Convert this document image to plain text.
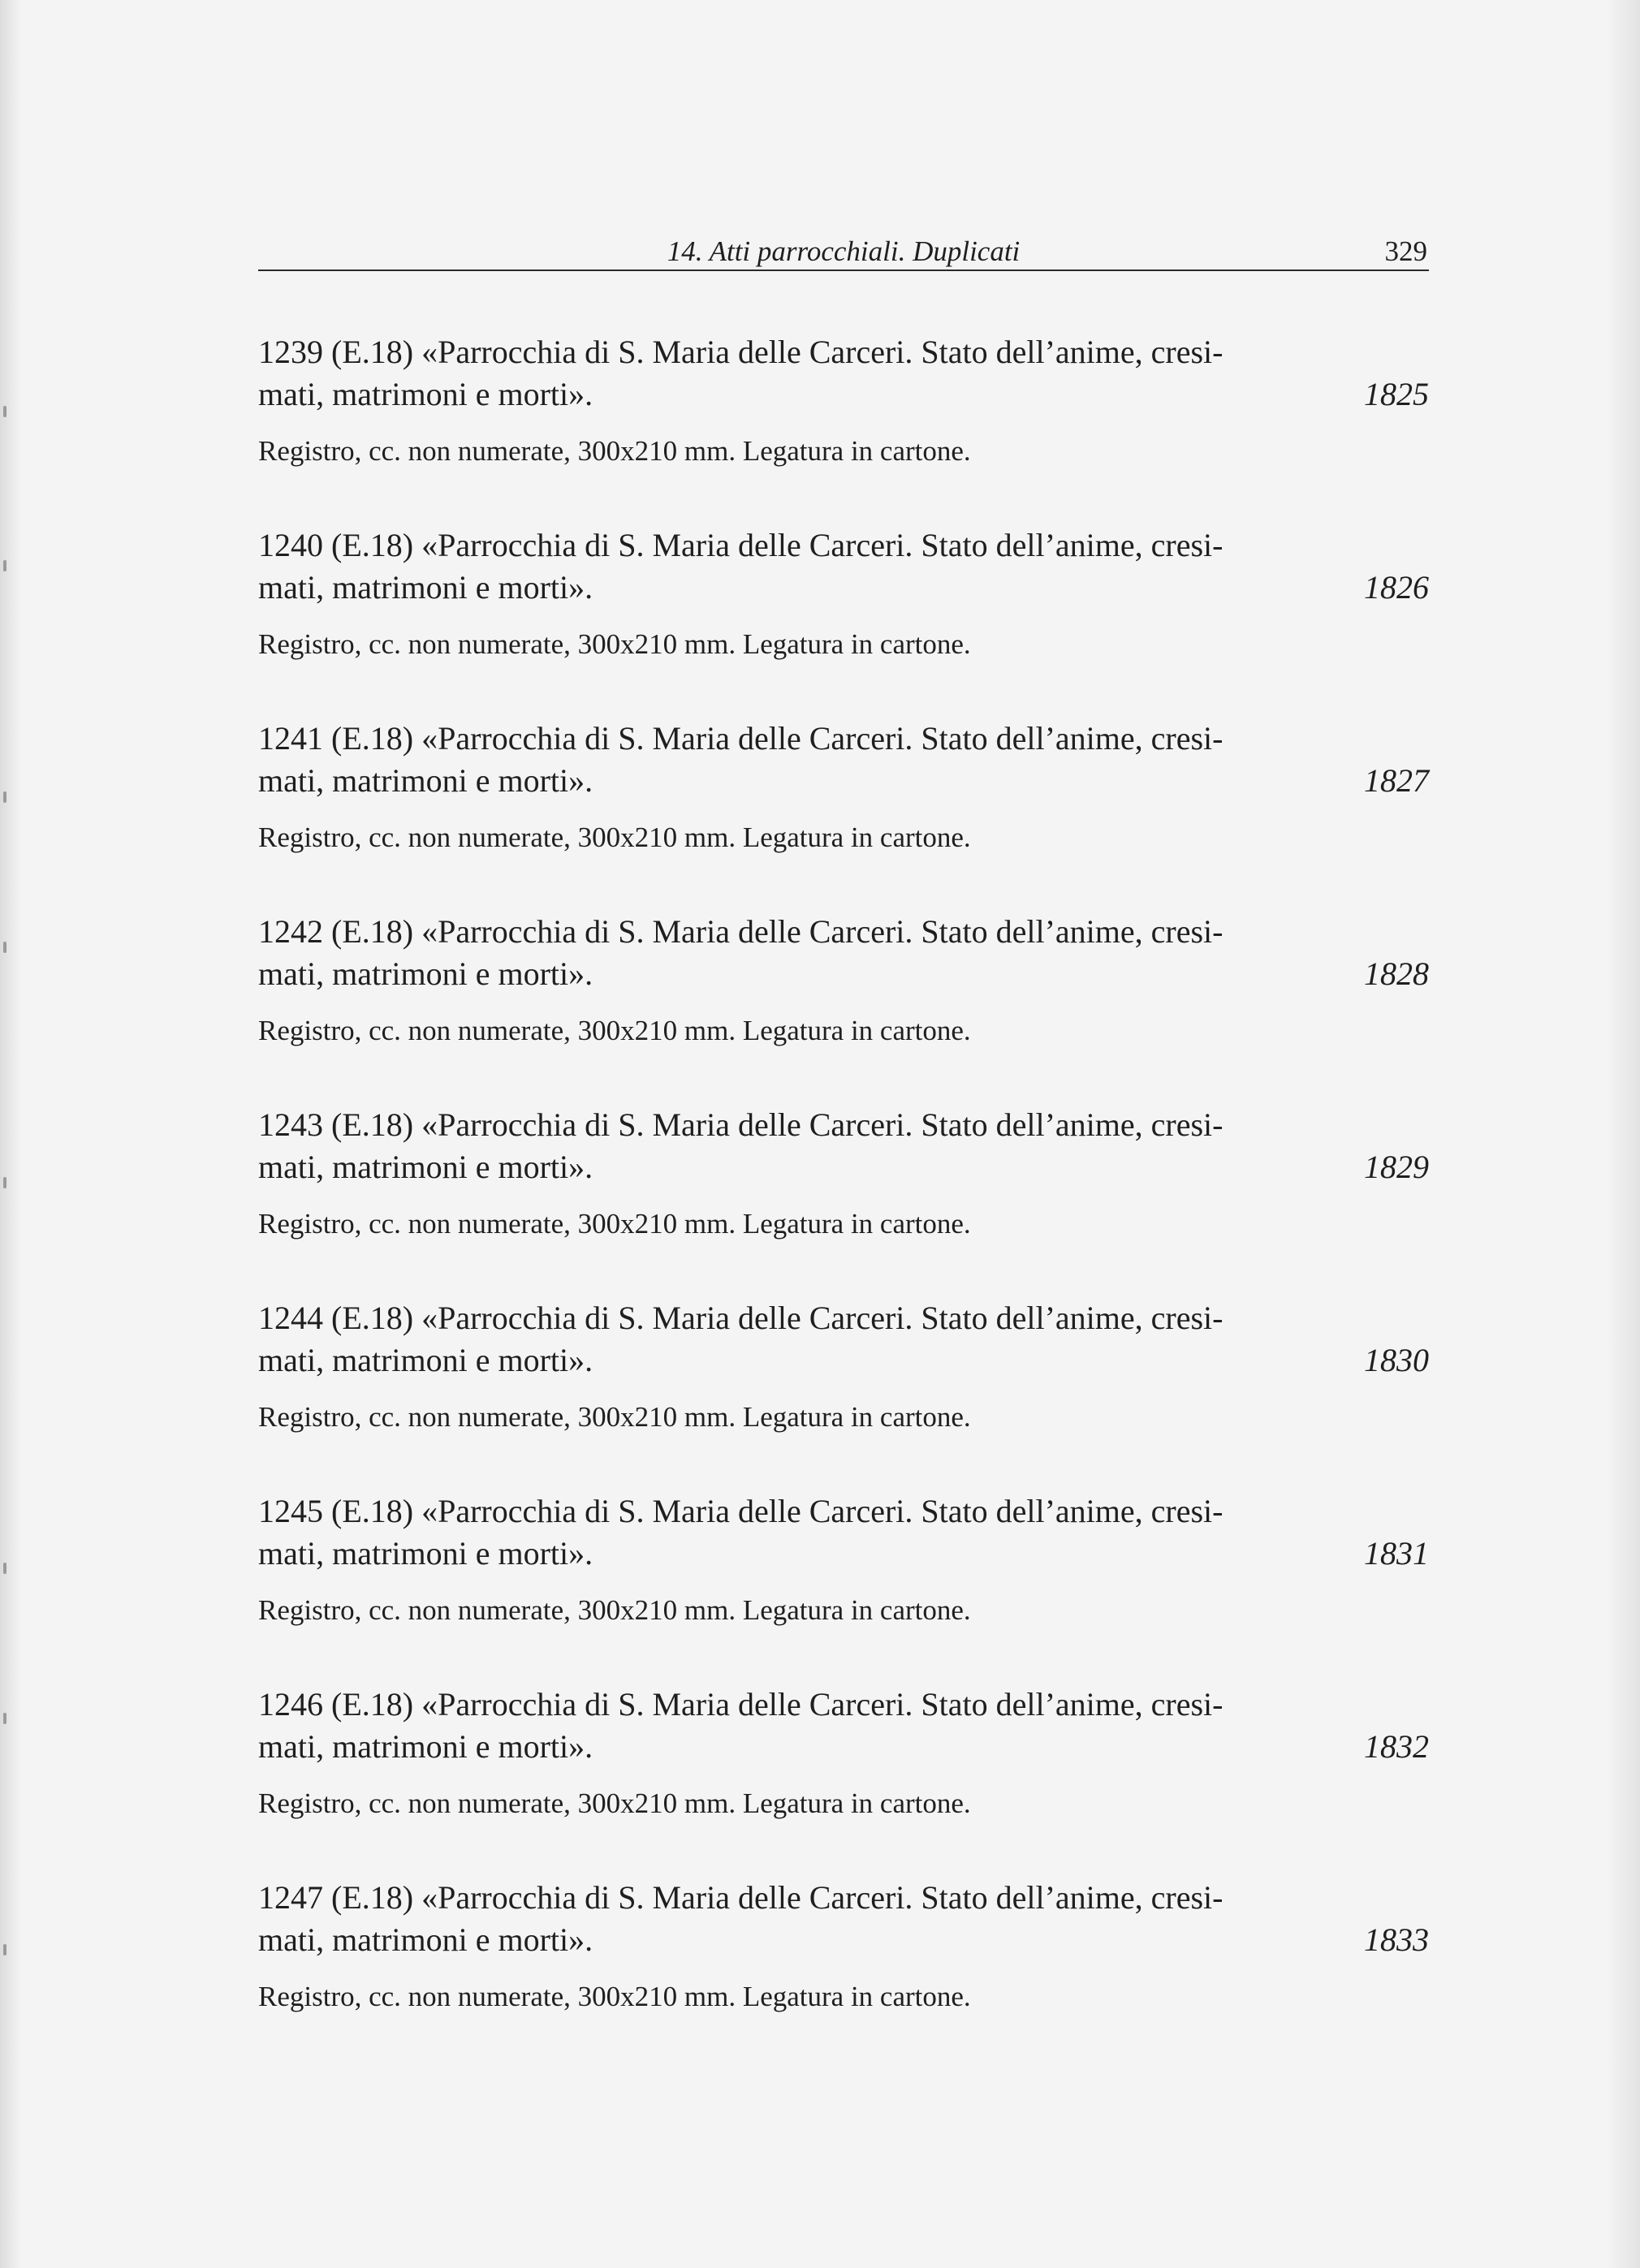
14. Atti parrocchiali. Duplicati	329
1239 (E.18) «Parrocchia di S. Maria delle Carceri. Stato dell’anime, cresi-
mati, matrimoni e morti».	1825
Registro, cc. non numerate, 300x210 mm. Legatura in cartone.
1240 (E.18) «Parrocchia di S. Maria delle Carceri. Stato dell’anime, cresi-
mati, matrimoni e morti».	1826
Registro, cc. non numerate, 300x210 mm. Legatura in cartone.
1241 (E.18) «Parrocchia di S. Maria delle Carceri. Stato dell’anime, cresi-
mati, matrimoni e morti».	1827
Registro, cc. non numerate, 300x210 mm. Legatura in cartone.
1242 (E.18) «Parrocchia di S. Maria delle Carceri. Stato dell’anime, cresi-
mati, matrimoni e morti».	1828
Registro, cc. non numerate, 300x210 mm. Legatura in cartone.
1243 (E.18) «Parrocchia di S. Maria delle Carceri. Stato dell’anime, cresi-
mati, matrimoni e morti».	1829
Registro, cc. non numerate, 300x210 mm. Legatura in cartone.
1244 (E.18) «Parrocchia di S. Maria delle Carceri. Stato dell’anime, cresi-
mati, matrimoni e morti».	1830
Registro, cc. non numerate, 300x210 mm. Legatura in cartone.
1245 (E.18) «Parrocchia di S. Maria delle Carceri. Stato dell’anime, cresi-
mati, matrimoni e morti».	1831
Registro, cc. non numerate, 300x210 mm. Legatura in cartone.
1246 (E.18) «Parrocchia di S. Maria delle Carceri. Stato dell’anime, cresi-
mati, matrimoni e morti».	1832
Registro, cc. non numerate, 300x210 mm. Legatura in cartone.
1247 (E.18) «Parrocchia di S. Maria delle Carceri. Stato dell’anime, cresi-
mati, matrimoni e morti».	1833
Registro, cc. non numerate, 300x210 mm. Legatura in cartone.
